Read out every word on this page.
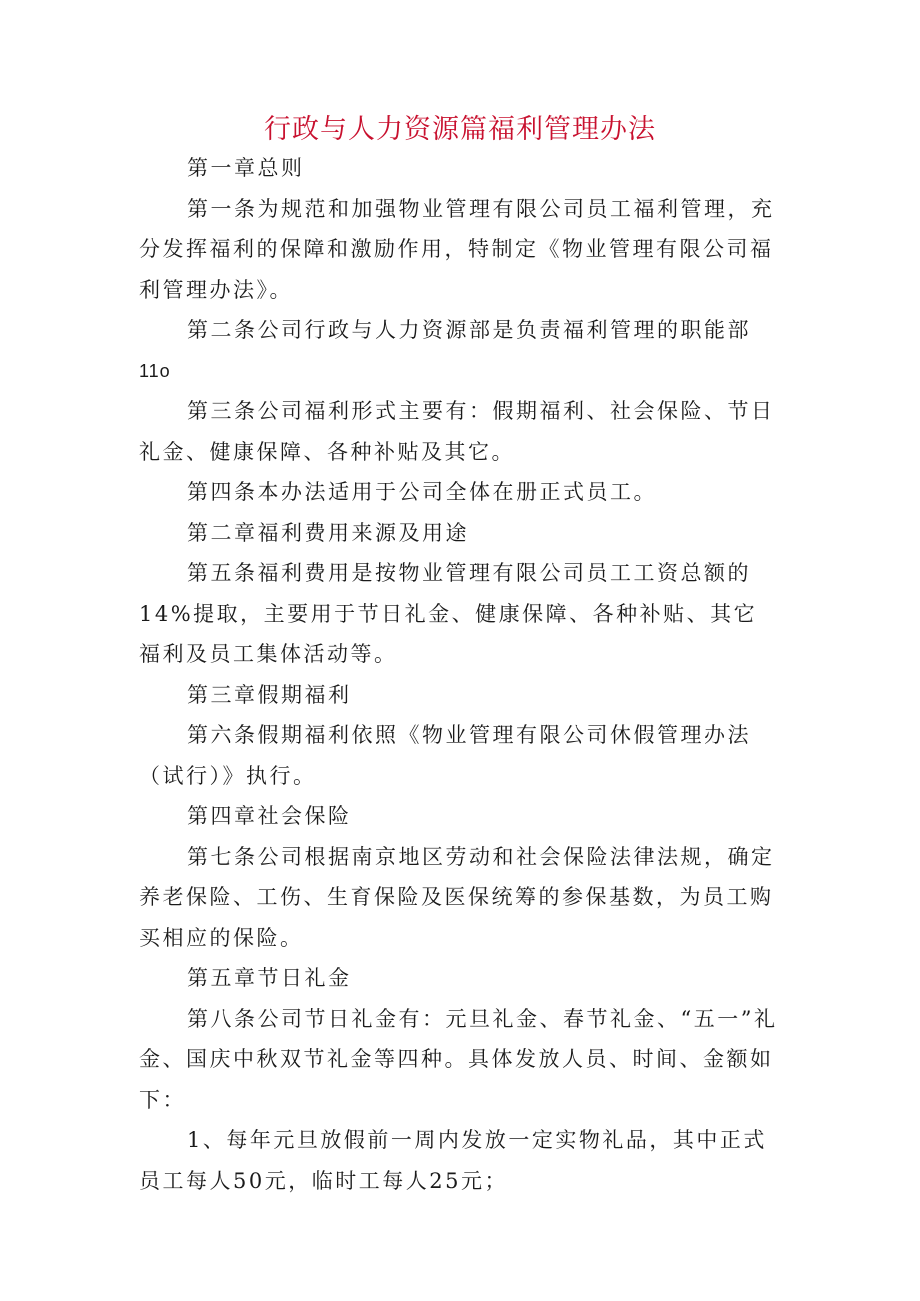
行政与人力资源篇福利管理办法

第一章总则

第一条为规范和加强物业管理有限公司员工福利管理，充分发挥福利的保障和激励作用，特制定《物业管理有限公司福利管理办法》。

第二条公司行政与人力资源部是负责福利管理的职能部

11o

第三条公司福利形式主要有：假期福利、社会保险、节日礼金、健康保障、各种补贴及其它。

第四条本办法适用于公司全体在册正式员工。

第二章福利费用来源及用途

第五条福利费用是按物业管理有限公司员工工资总额的14%提取，主要用于节日礼金、健康保障、各种补贴、其它福利及员工集体活动等。

第三章假期福利

第六条假期福利依照《物业管理有限公司休假管理办法（试行）》执行。

第四章社会保险

第七条公司根据南京地区劳动和社会保险法律法规，确定养老保险、工伤、生育保险及医保统筹的参保基数，为员工购买相应的保险。

第五章节日礼金

第八条公司节日礼金有：元旦礼金、春节礼金、“五一”礼金、国庆中秋双节礼金等四种。具体发放人员、时间、金额如下：

1、每年元旦放假前一周内发放一定实物礼品，其中正式员工每人50元，临时工每人25元；
